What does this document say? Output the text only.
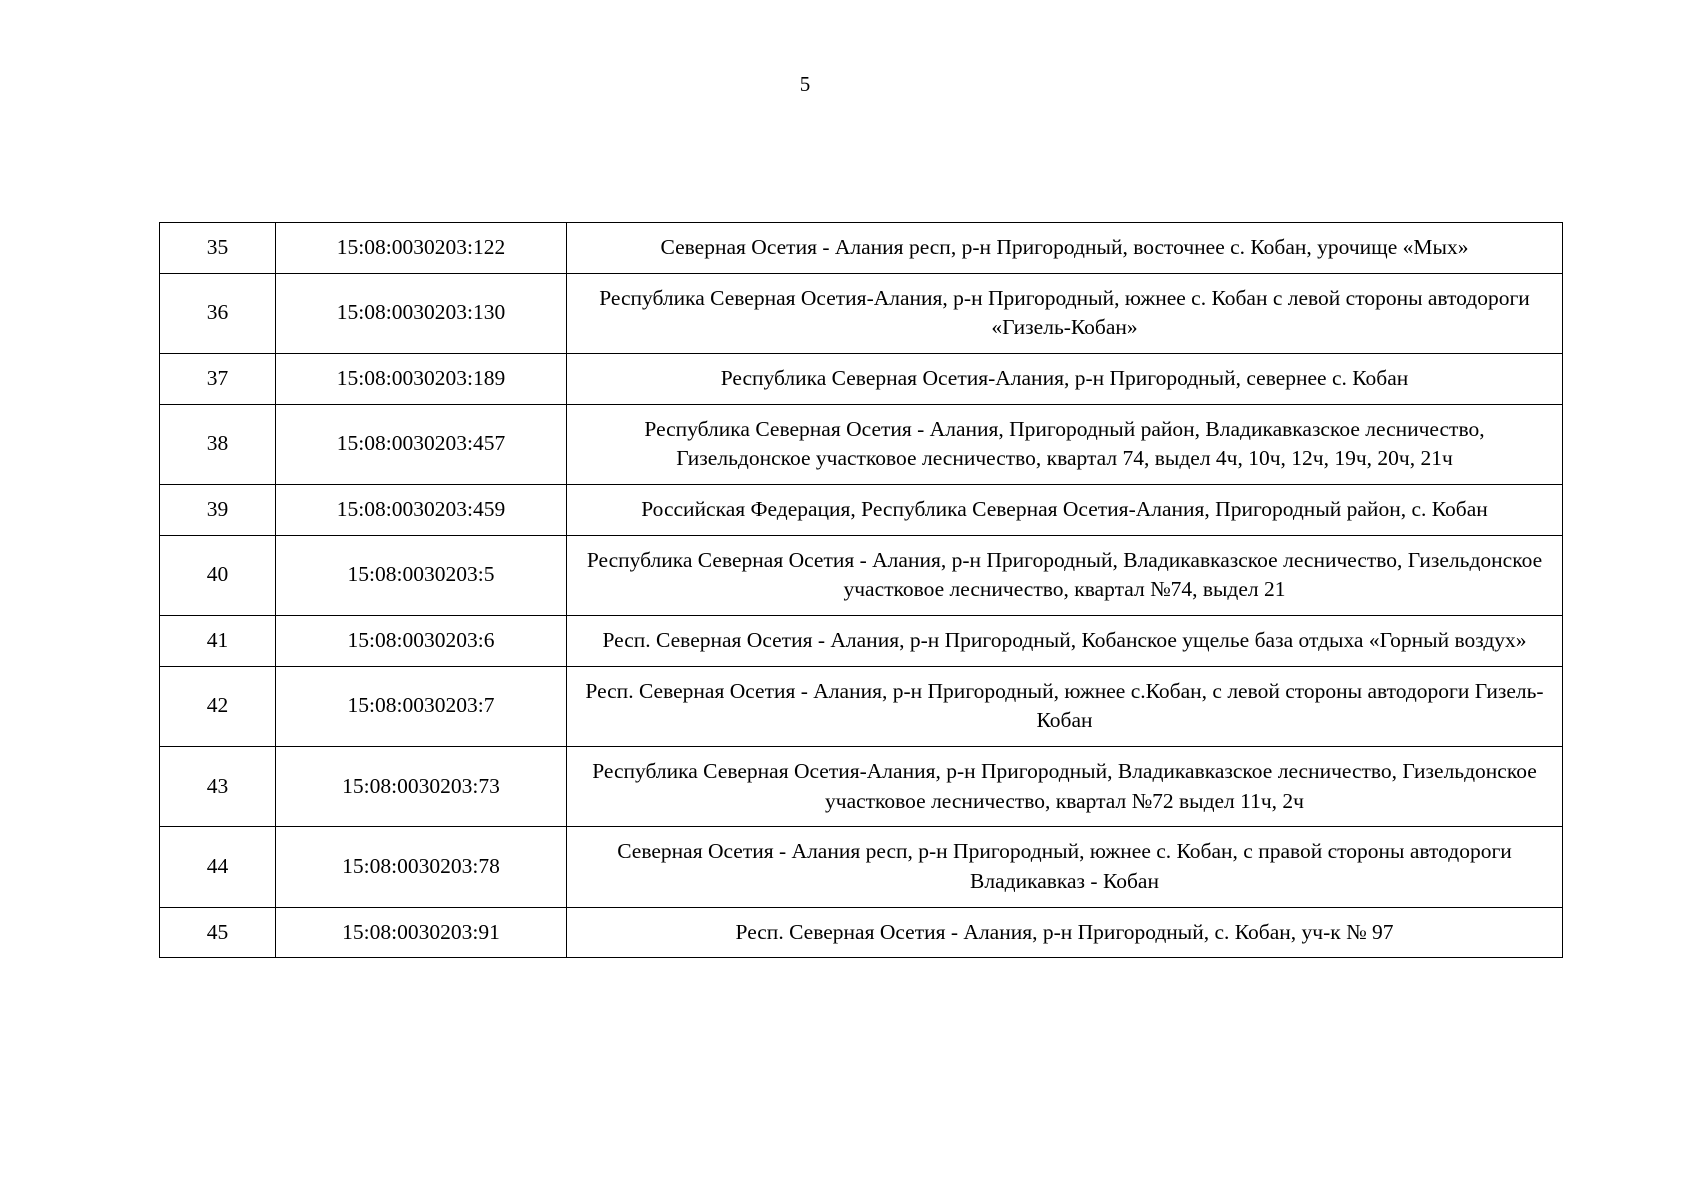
5
35	15:08:0030203:122	Северная Осетия - Алания респ, р-н Пригородный, восточнее с. Кобан, урочище «Мых»
36	15:08:0030203:130	Республика Северная Осетия-Алания, р-н Пригородный, южнее с. Кобан с левой стороны автодороги «Гизель-Кобан»
37	15:08:0030203:189	Республика Северная Осетия-Алания, р-н Пригородный, севернее с. Кобан
38	15:08:0030203:457	Республика Северная Осетия - Алания, Пригородный район, Владикавказское лесничество, Гизельдонское участковое лесничество, квартал 74, выдел 4ч, 10ч, 12ч, 19ч, 20ч, 21ч
39	15:08:0030203:459	Российская Федерация, Республика Северная Осетия-Алания, Пригородный район, с. Кобан
40	15:08:0030203:5	Республика Северная Осетия - Алания, р-н Пригородный, Владикавказское лесничество, Гизельдонское участковое лесничество, квартал №74, выдел 21
41	15:08:0030203:6	Респ. Северная Осетия - Алания, р-н Пригородный, Кобанское ущелье база отдыха «Горный воздух»
42	15:08:0030203:7	Респ. Северная Осетия - Алания, р-н Пригородный, южнее с.Кобан, с левой стороны автодороги Гизель-Кобан
43	15:08:0030203:73	Республика Северная Осетия-Алания, р-н Пригородный, Владикавказское лесничество, Гизельдонское участковое лесничество, квартал №72 выдел 11ч, 2ч
44	15:08:0030203:78	Северная Осетия - Алания респ, р-н Пригородный, южнее с. Кобан, с правой стороны автодороги Владикавказ - Кобан
45	15:08:0030203:91	Респ. Северная Осетия - Алания, р-н Пригородный, с. Кобан, уч-к № 97
